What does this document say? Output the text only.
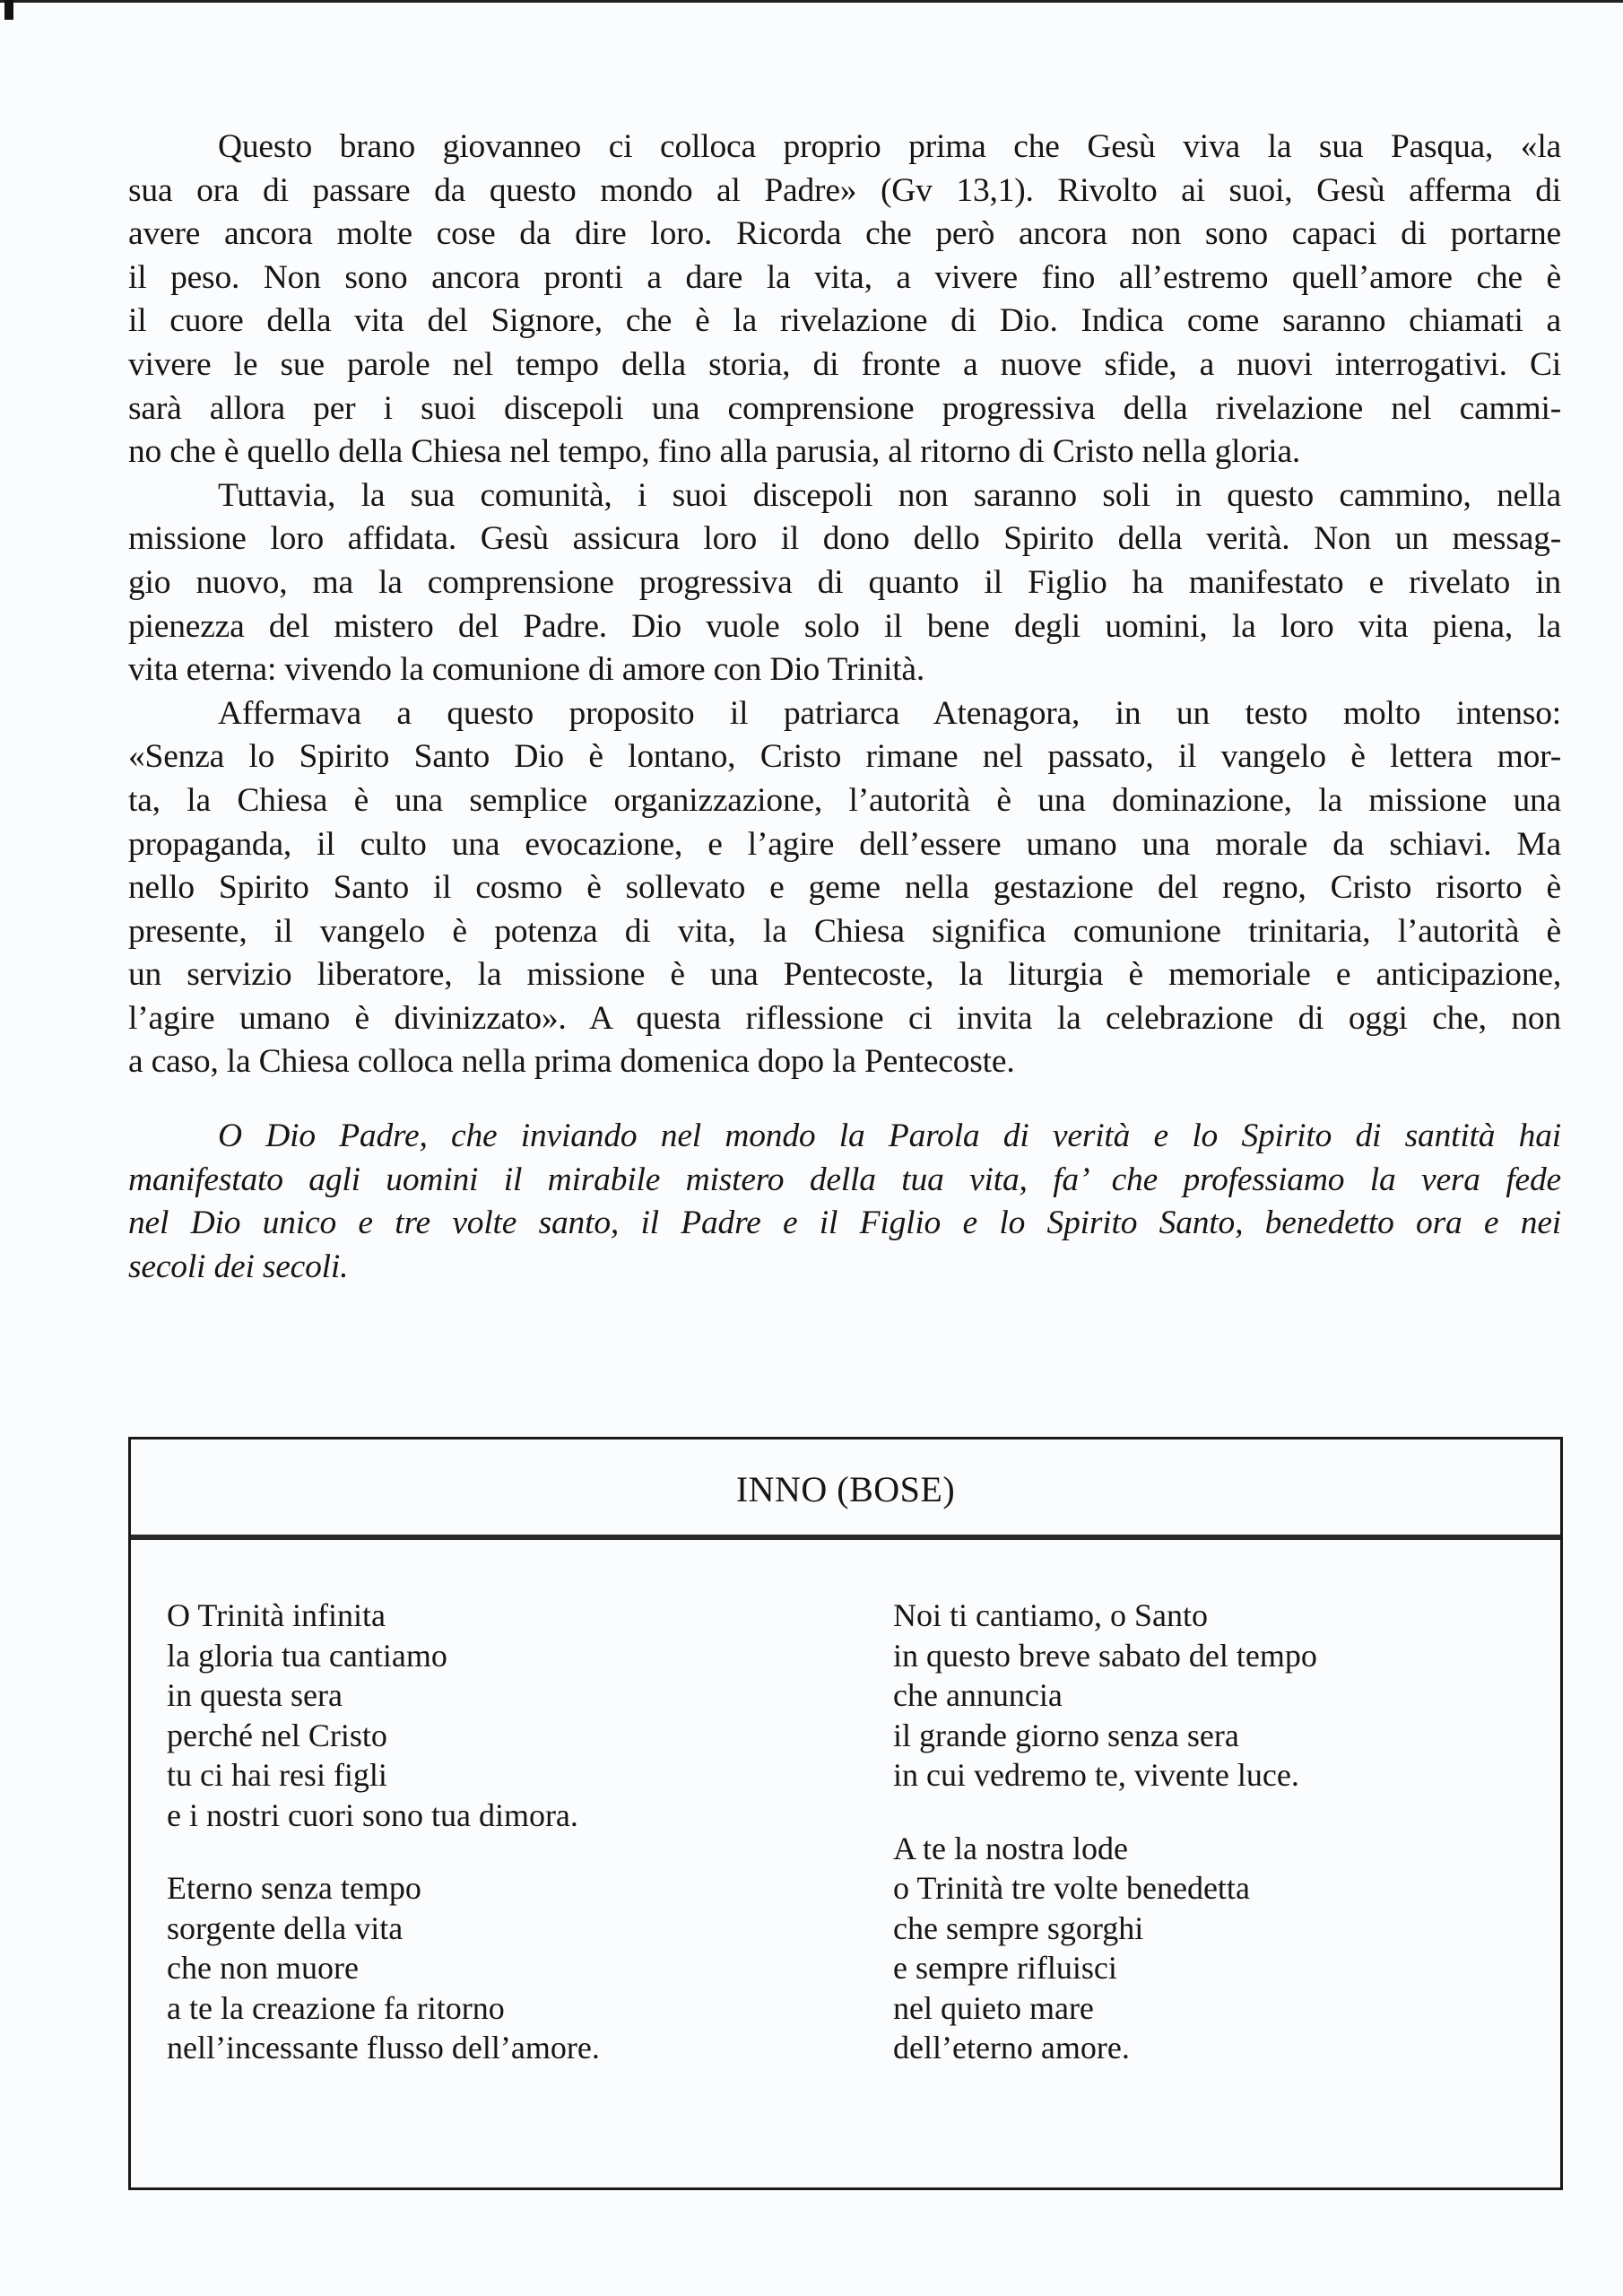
Questo brano giovanneo ci colloca proprio prima che Gesù viva la sua Pasqua, «la
sua ora di passare da questo mondo al Padre» (Gv 13,1). Rivolto ai suoi, Gesù afferma di
avere ancora molte cose da dire loro. Ricorda che però ancora non sono capaci di portarne
il peso. Non sono ancora pronti a dare la vita, a vivere fino all’estremo quell’amore che è
il cuore della vita del Signore, che è la rivelazione di Dio. Indica come saranno chiamati a
vivere le sue parole nel tempo della storia, di fronte a nuove sfide, a nuovi interrogativi. Ci
sarà allora per i suoi discepoli una comprensione progressiva della rivelazione nel cammi-
no che è quello della Chiesa nel tempo, fino alla parusia, al ritorno di Cristo nella gloria.

Tuttavia, la sua comunità, i suoi discepoli non saranno soli in questo cammino, nella
missione loro affidata. Gesù assicura loro il dono dello Spirito della verità. Non un messag-
gio nuovo, ma la comprensione progressiva di quanto il Figlio ha manifestato e rivelato in
pienezza del mistero del Padre. Dio vuole solo il bene degli uomini, la loro vita piena, la
vita eterna: vivendo la comunione di amore con Dio Trinità.

Affermava a questo proposito il patriarca Atenagora, in un testo molto intenso:
«Senza lo Spirito Santo Dio è lontano, Cristo rimane nel passato, il vangelo è lettera mor-
ta, la Chiesa è una semplice organizzazione, l’autorità è una dominazione, la missione una
propaganda, il culto una evocazione, e l’agire dell’essere umano una morale da schiavi. Ma
nello Spirito Santo il cosmo è sollevato e geme nella gestazione del regno, Cristo risorto è
presente, il vangelo è potenza di vita, la Chiesa significa comunione trinitaria, l’autorità è
un servizio liberatore, la missione è una Pentecoste, la liturgia è memoriale e anticipazione,
l’agire umano è divinizzato». A questa riflessione ci invita la celebrazione di oggi che, non
a caso, la Chiesa colloca nella prima domenica dopo la Pentecoste.

O Dio Padre, che inviando nel mondo la Parola di verità e lo Spirito di santità hai
manifestato agli uomini il mirabile mistero della tua vita, fa’ che professiamo la vera fede
nel Dio unico e tre volte santo, il Padre e il Figlio e lo Spirito Santo, benedetto ora e nei
secoli dei secoli.

INNO (BOSE)

O Trinità infinita
la gloria tua cantiamo
in questa sera
perché nel Cristo
tu ci hai resi figli
e i nostri cuori sono tua dimora.

Eterno senza tempo
sorgente della vita
che non muore
a te la creazione fa ritorno
nell’incessante flusso dell’amore.

Noi ti cantiamo, o Santo
in questo breve sabato del tempo
che annuncia
il grande giorno senza sera
in cui vedremo te, vivente luce.

A te la nostra lode
o Trinità tre volte benedetta
che sempre sgorghi
e sempre rifluisci
nel quieto mare
dell’eterno amore.
